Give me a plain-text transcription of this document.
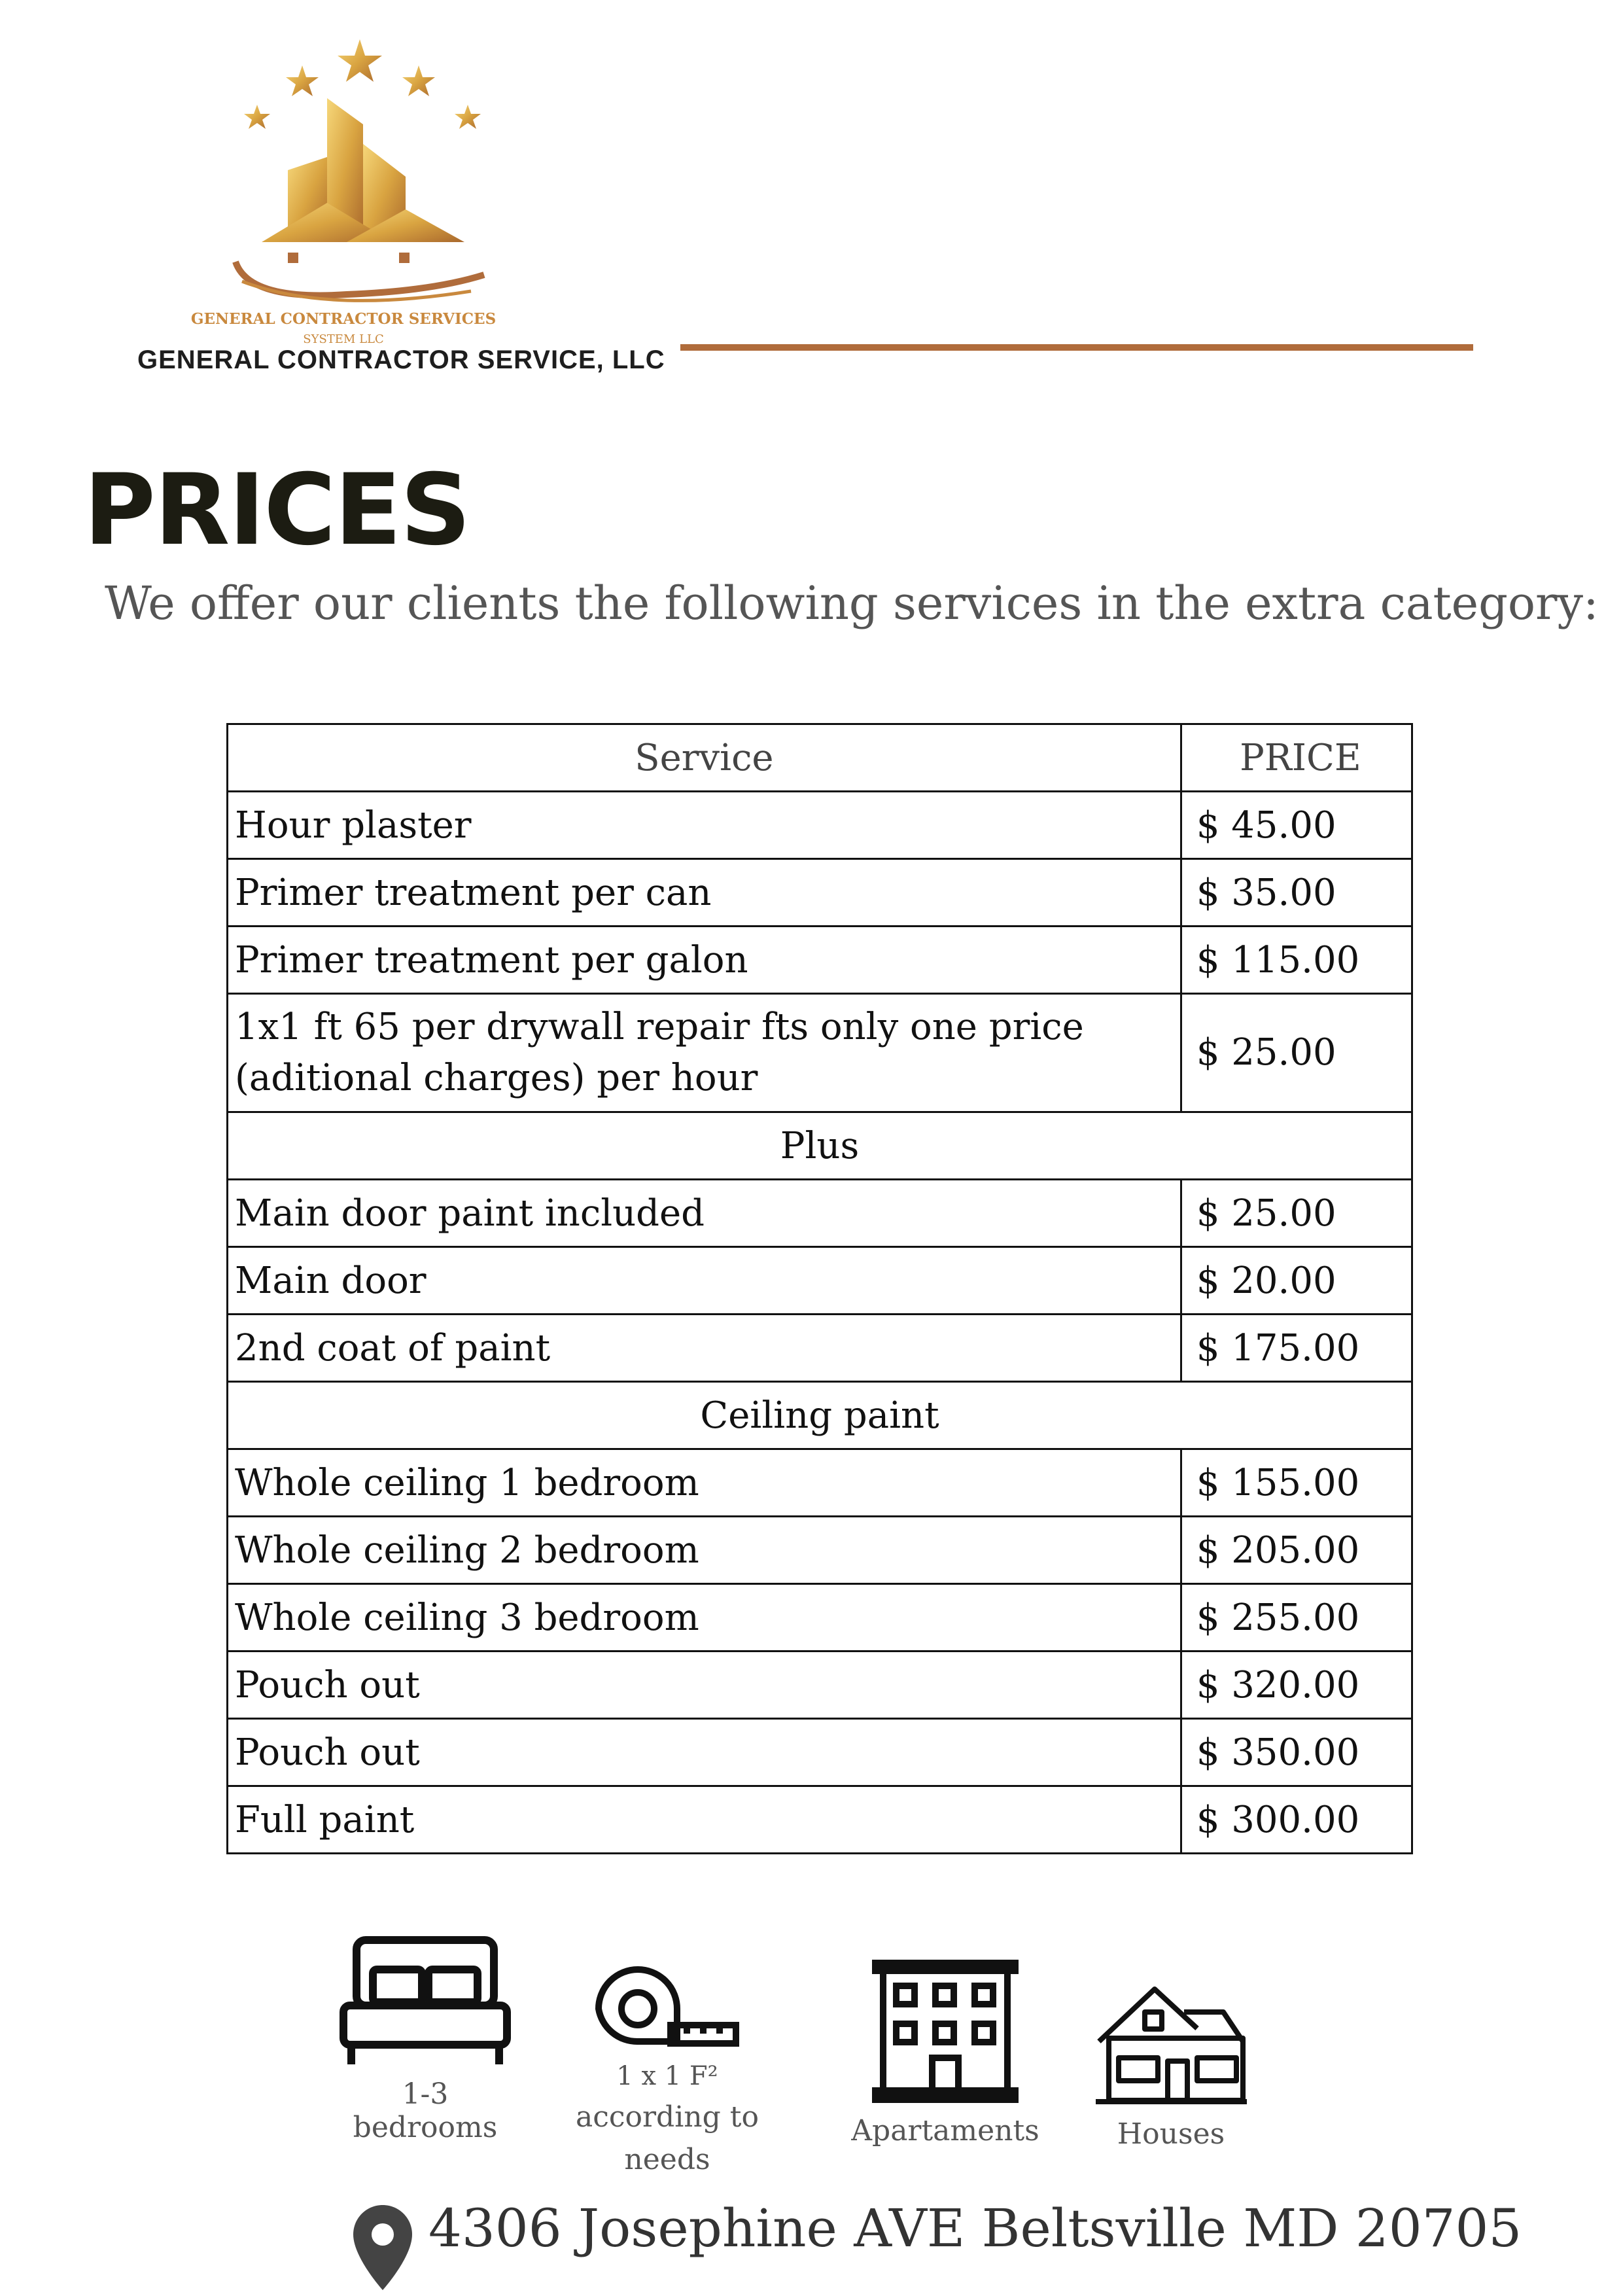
GENERAL CONTRACTOR SERVICES
SYSTEM LLC
GENERAL CONTRACTOR SERVICE, LLC
PRICES
We offer our clients the following services in the extra category:
Service	PRICE
Hour plaster	$ 45.00
Primer treatment per can	$ 35.00
Primer treatment per galon	$ 115.00
1x1 ft 65 per drywall repair fts only one price (aditional charges) per hour	$ 25.00
Plus	
Main door paint included	$ 25.00
Main door	$ 20.00
2nd coat of paint	$ 175.00
Ceiling paint	
Whole ceiling 1 bedroom	$ 155.00
Whole ceiling 2 bedroom	$ 205.00
Whole ceiling 3 bedroom	$ 255.00
Pouch out	$ 320.00
Pouch out	$ 350.00
Full paint	$ 300.00
1-3 bedrooms
1 x 1 F²
according to
needs
Apartaments	Houses
4306 Josephine AVE Beltsville MD 20705
